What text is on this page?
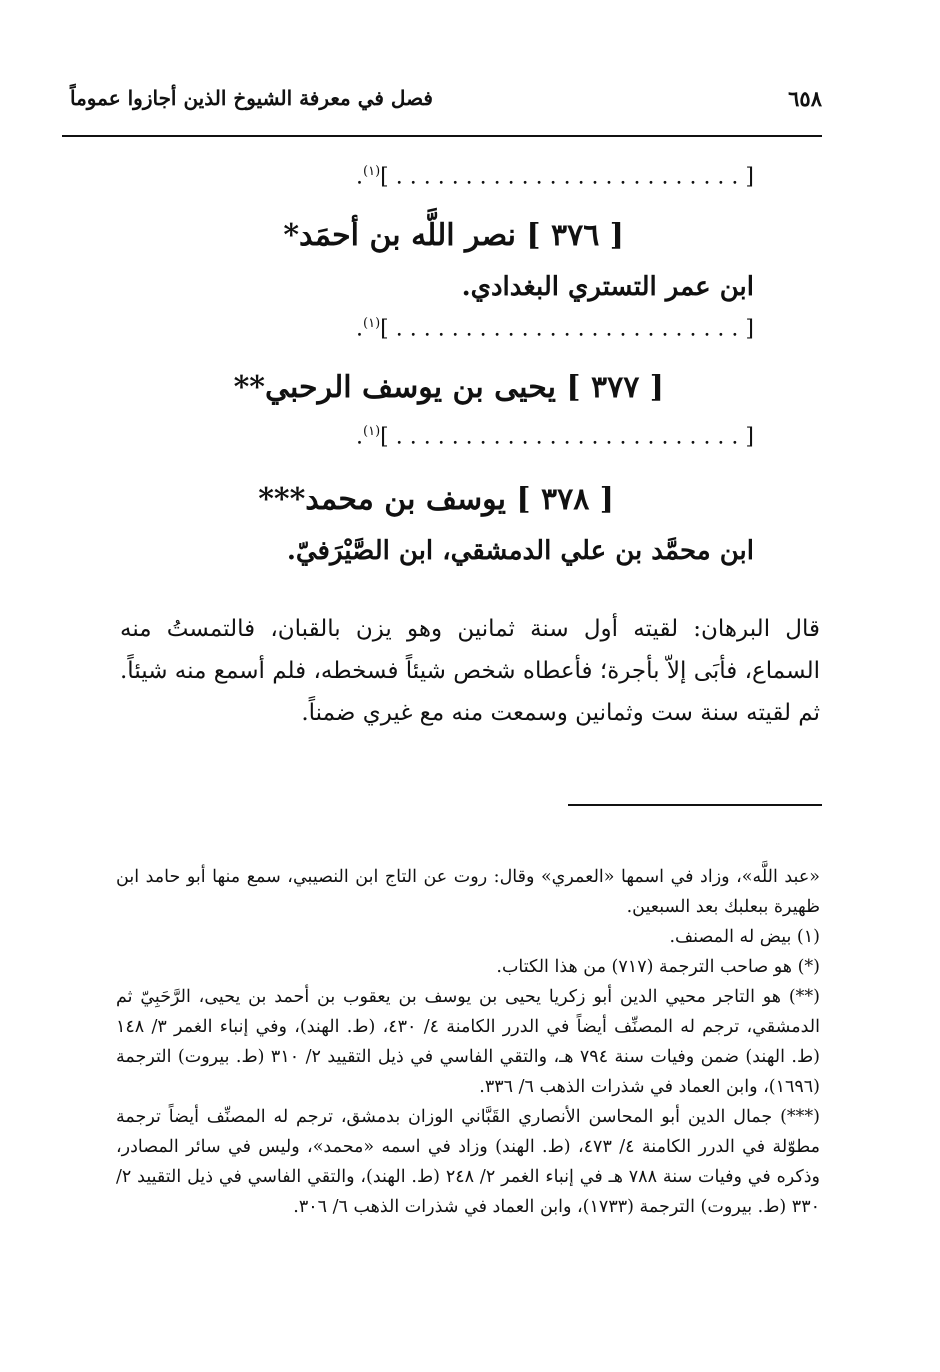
٦٥٨
فصل في معرفة الشيوخ الذين أجازوا عموماً
[ . . . . . . . . . . . . . . . . . . . . . . . . . ]$^{(١)}$.
[ ٣٧٦ ] نصر اللَّه بن أحمَد*
ابن عمر التستري البغدادي.
[ . . . . . . . . . . . . . . . . . . . . . . . . . ]$^{(١)}$.
[ ٣٧٧ ] يحيى بن يوسف الرحبي**
[ . . . . . . . . . . . . . . . . . . . . . . . . . ]$^{(١)}$.
[ ٣٧٨ ] يوسف بن محمد***
ابن محمَّد بن علي الدمشقي، ابن الصَّيْرَفيّ.

قال البرهان: لقيته أول سنة ثمانين وهو يزن بالقبان، فالتمستُ منه السماع، فأبَى إلاّ بأجرة؛ فأعطاه شخص شيئاً فسخطه، فلم أسمع منه شيئاً. ثم لقيته سنة ست وثمانين وسمعت منه مع غيري ضمناً.

«عبد اللَّه»، وزاد في اسمها «العمري» وقال: روت عن التاج ابن النصيبي، سمع منها أبو حامد ابن ظهيرة ببعلبك بعد السبعين.

(١) بيض له المصنف.

(*) هو صاحب الترجمة (٧١٧) من هذا الكتاب.

(**) هو التاجر محيي الدين أبو زكريا يحيى بن يوسف بن يعقوب بن أحمد بن يحيى، الرَّحَبِيّ ثم الدمشقي، ترجم له المصنِّف أيضاً في الدرر الكامنة ٤/ ٤٣٠، (ط. الهند)، وفي إنباء الغمر ٣/ ١٤٨ (ط. الهند) ضمن وفيات سنة ٧٩٤ هـ، والتقي الفاسي في ذيل التقييد ٢/ ٣١٠ (ط. بيروت) الترجمة (١٦٩٦)، وابن العماد في شذرات الذهب ٦/ ٣٣٦.

(***) جمال الدين أبو المحاسن الأنصاري القَبَّاني الوزان بدمشق، ترجم له المصنِّف أيضاً ترجمة مطوّلة في الدرر الكامنة ٤/ ٤٧٣، (ط. الهند) وزاد في اسمه «محمد»، وليس في سائر المصادر، وذكره في وفيات سنة ٧٨٨ هـ في إنباء الغمر ٢/ ٢٤٨ (ط. الهند)، والتقي الفاسي في ذيل التقييد ٢/ ٣٣٠ (ط. بيروت) الترجمة (١٧٣٣)، وابن العماد في شذرات الذهب ٦/ ٣٠٦.
